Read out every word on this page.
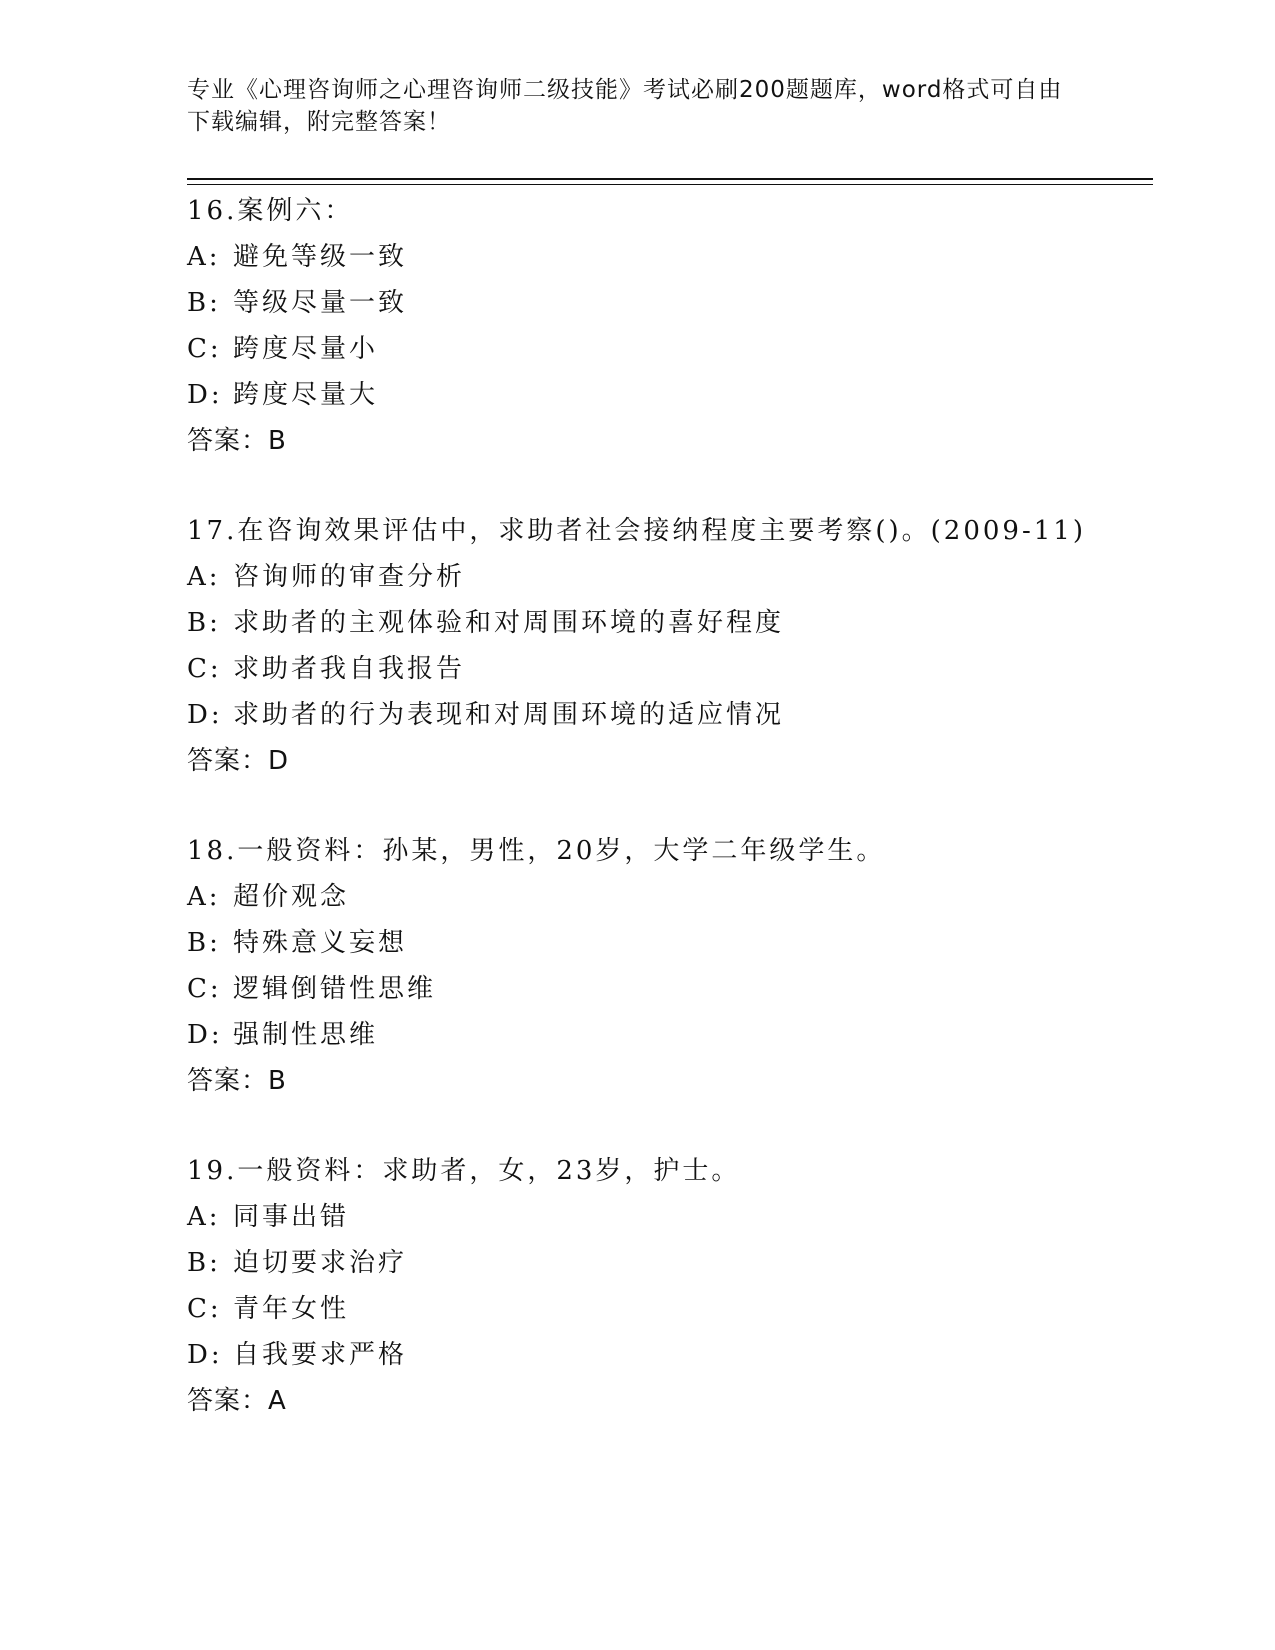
专业《心理咨询师之心理咨询师二级技能》考试必刷200题题库，word格式可自由下载编辑，附完整答案！
16.案例六：
A: 避免等级一致
B: 等级尽量一致
C: 跨度尽量小
D: 跨度尽量大
答案：B
17.在咨询效果评估中，求助者社会接纳程度主要考察()。(2009-11)
A: 咨询师的审查分析
B: 求助者的主观体验和对周围环境的喜好程度
C: 求助者我自我报告
D: 求助者的行为表现和对周围环境的适应情况
答案：D
18.一般资料：孙某，男性，20岁，大学二年级学生。
A: 超价观念
B: 特殊意义妄想
C: 逻辑倒错性思维
D: 强制性思维
答案：B
19.一般资料：求助者，女，23岁，护士。
A: 同事出错
B: 迫切要求治疗
C: 青年女性
D: 自我要求严格
答案：A
